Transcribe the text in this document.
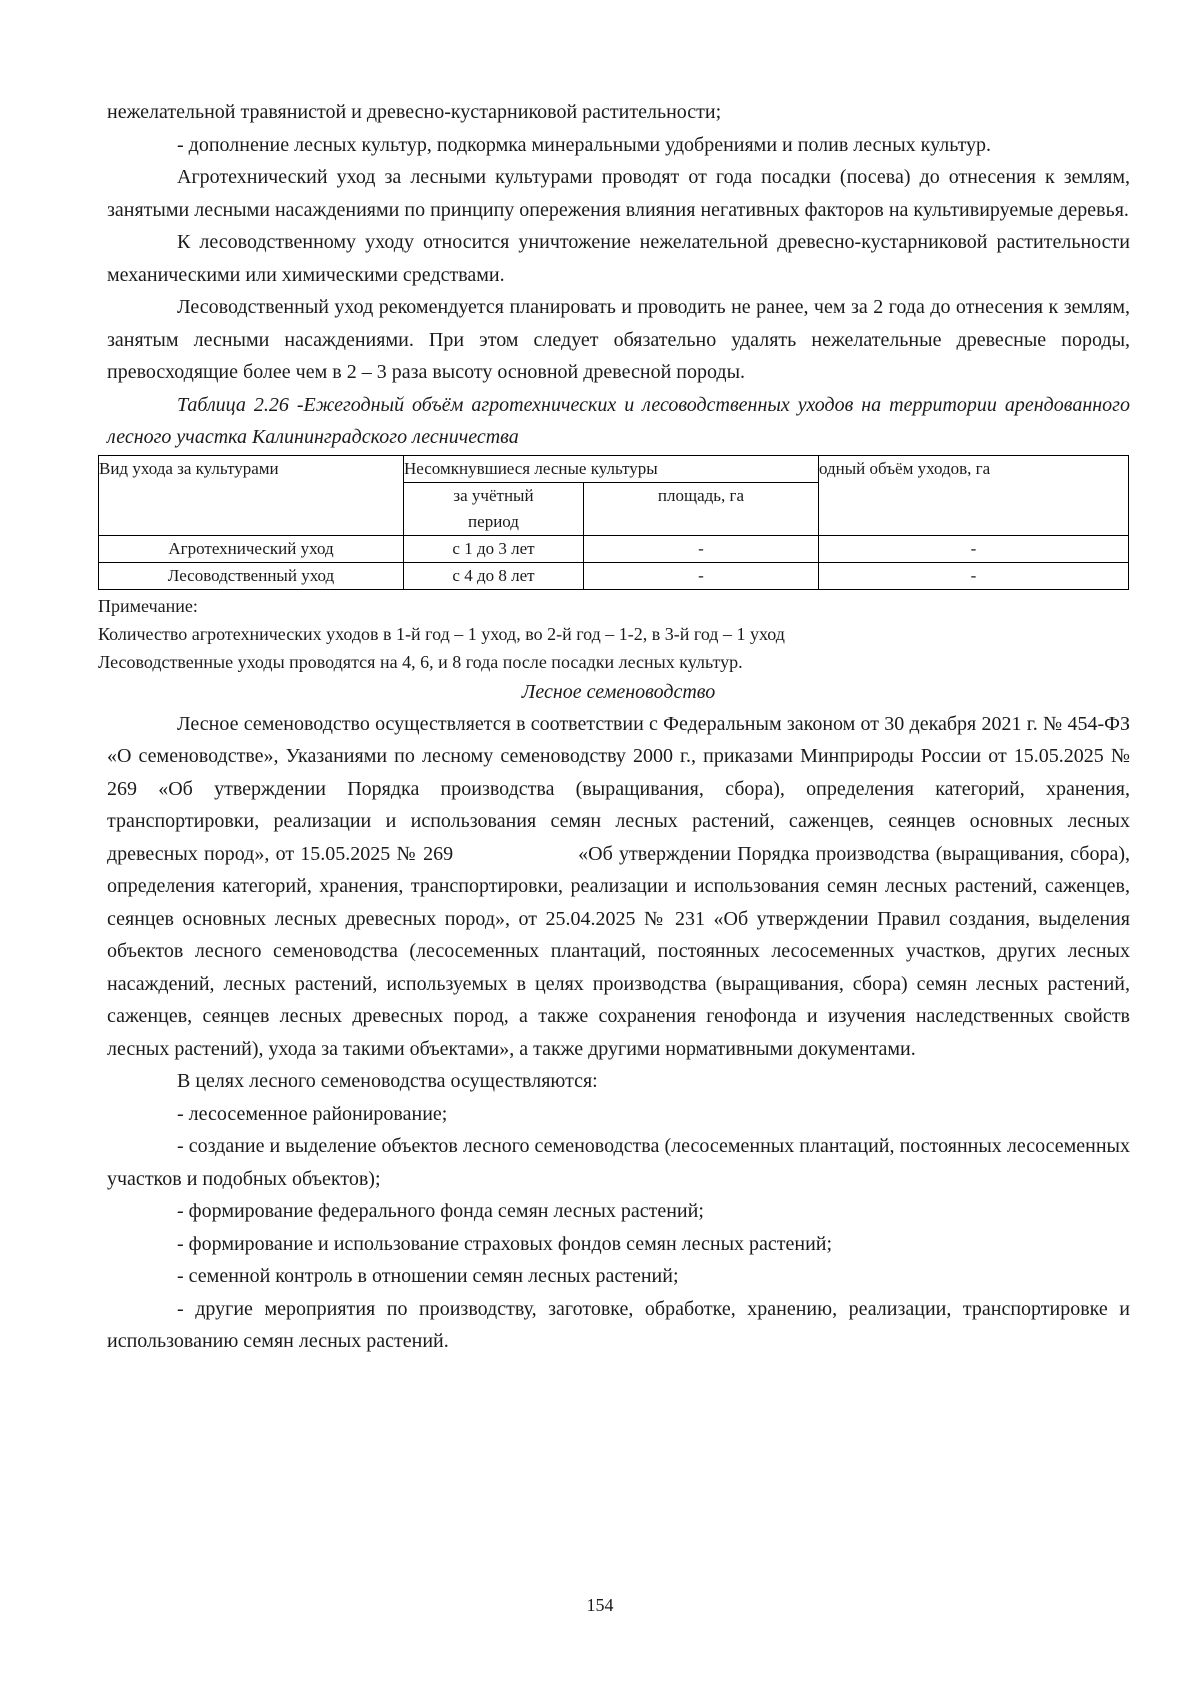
нежелательной травянистой и древесно-кустарниковой растительности;

- дополнение лесных культур, подкормка минеральными удобрениями и полив лесных культур.

Агротехнический уход за лесными культурами проводят от года посадки (посева) до отнесения к землям, занятыми лесными насаждениями по принципу опережения влияния негативных факторов на культивируемые деревья.

К лесоводственному уходу относится уничтожение нежелательной древесно-кустарниковой растительности механическими или химическими средствами.

Лесоводственный уход рекомендуется планировать и проводить не ранее, чем за 2 года до отнесения к землям, занятым лесными насаждениями. При этом следует обязательно удалять нежелательные древесные породы, превосходящие более чем в 2 – 3 раза высоту основной древесной породы.

Таблица 2.26 -Ежегодный объём агротехнических и лесоводственных уходов на территории арендованного лесного участка Калининградского лесничества

Вид ухода за культурами	Несомкнувшиеся лесные культуры		одный объём уходов, га
	за учётный период	площадь, га	
Агротехнический уход	с 1 до 3 лет	-	-
Лесоводственный уход	с 4 до 8 лет	-	-

Примечание:

Количество агротехнических уходов в 1-й год – 1 уход, во 2-й год – 1-2, в 3-й год – 1 уход

Лесоводственные уходы проводятся на 4, 6, и 8 года после посадки лесных культур.

Лесное семеноводство

Лесное семеноводство осуществляется в соответствии с Федеральным законом от 30 декабря 2021 г. № 454-ФЗ «О семеноводстве», Указаниями по лесному семеноводству 2000 г., приказами Минприроды России от 15.05.2025 № 269 «Об утверждении Порядка производства (выращивания, сбора), определения категорий, хранения, транспортировки, реализации и использования семян лесных растений, саженцев, сеянцев основных лесных древесных пород», от 15.05.2025 № 269                    «Об утверждении Порядка производства (выращивания, сбора), определения категорий, хранения, транспортировки, реализации и использования семян лесных растений, саженцев, сеянцев основных лесных древесных пород», от 25.04.2025 № 231 «Об утверждении Правил создания, выделения объектов лесного семеноводства (лесосеменных плантаций, постоянных лесосеменных участков, других лесных насаждений, лесных растений, используемых в целях производства (выращивания, сбора) семян лесных растений, саженцев, сеянцев лесных древесных пород, а также сохранения генофонда и изучения наследственных свойств лесных растений), ухода за такими объектами», а также другими нормативными документами.

В целях лесного семеноводства осуществляются:

- лесосеменное районирование;

- создание и выделение объектов лесного семеноводства (лесосеменных плантаций, постоянных лесосеменных участков и подобных объектов);

- формирование федерального фонда семян лесных растений;

- формирование и использование страховых фондов семян лесных растений;

- семенной контроль в отношении семян лесных растений;

- другие мероприятия по производству, заготовке, обработке, хранению, реализации, транспортировке и использованию семян лесных растений.

154
